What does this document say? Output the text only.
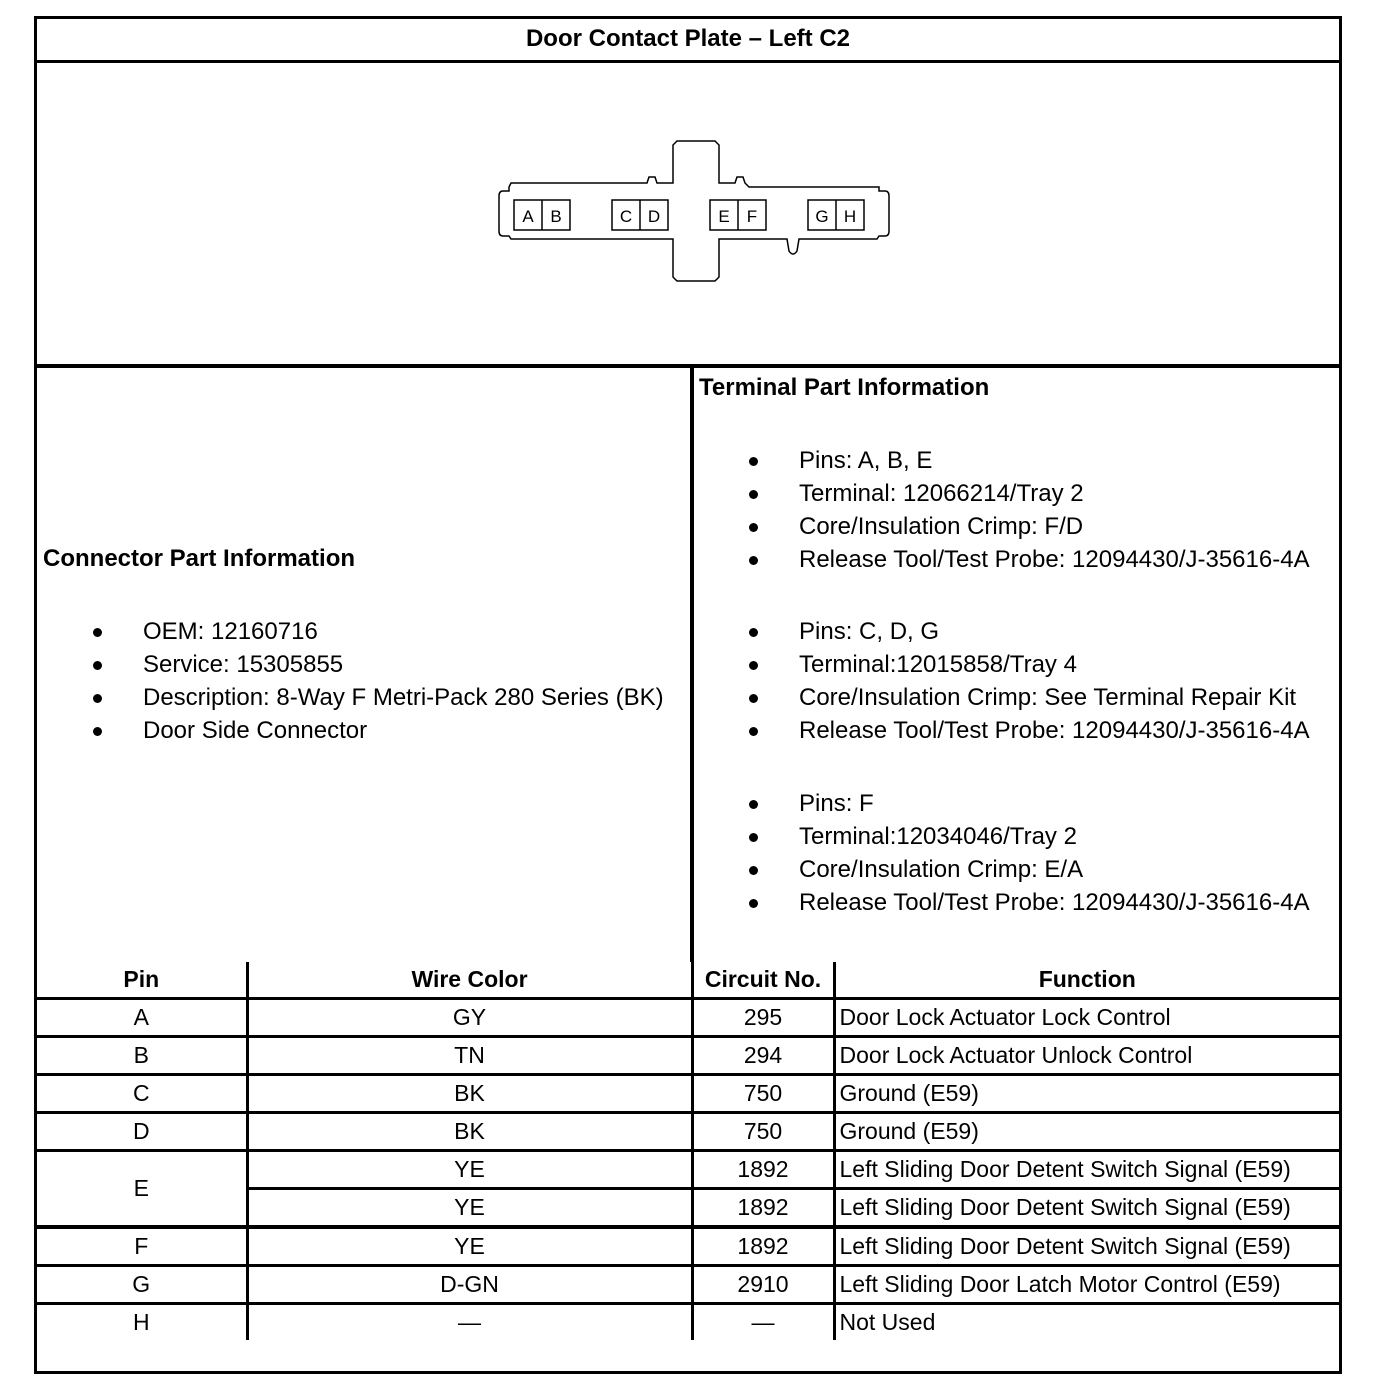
Door Contact Plate – Left C2
A B	C D	E F	G H
Connector Part Information
OEM: 12160716
Service: 15305855
Description: 8-Way F Metri-Pack 280 Series (BK)
Door Side Connector
Terminal Part Information
Pins: A, B, E
Terminal: 12066214/Tray 2
Core/Insulation Crimp: F/D
Release Tool/Test Probe: 12094430/J-35616-4A
Pins: C, D, G
Terminal:12015858/Tray 4
Core/Insulation Crimp: See Terminal Repair Kit
Release Tool/Test Probe: 12094430/J-35616-4A
Pins: F
Terminal:12034046/Tray 2
Core/Insulation Crimp: E/A
Release Tool/Test Probe: 12094430/J-35616-4A
Pin	Wire Color	Circuit No.	Function
A	GY	295	Door Lock Actuator Lock Control
B	TN	294	Door Lock Actuator Unlock Control
C	BK	750	Ground (E59)
D	BK	750	Ground (E59)
E	YE	1892	Left Sliding Door Detent Switch Signal (E59)
	YE	1892	Left Sliding Door Detent Switch Signal (E59)
F	YE	1892	Left Sliding Door Detent Switch Signal (E59)
G	D-GN	2910	Left Sliding Door Latch Motor Control (E59)
H	—	—	Not Used
